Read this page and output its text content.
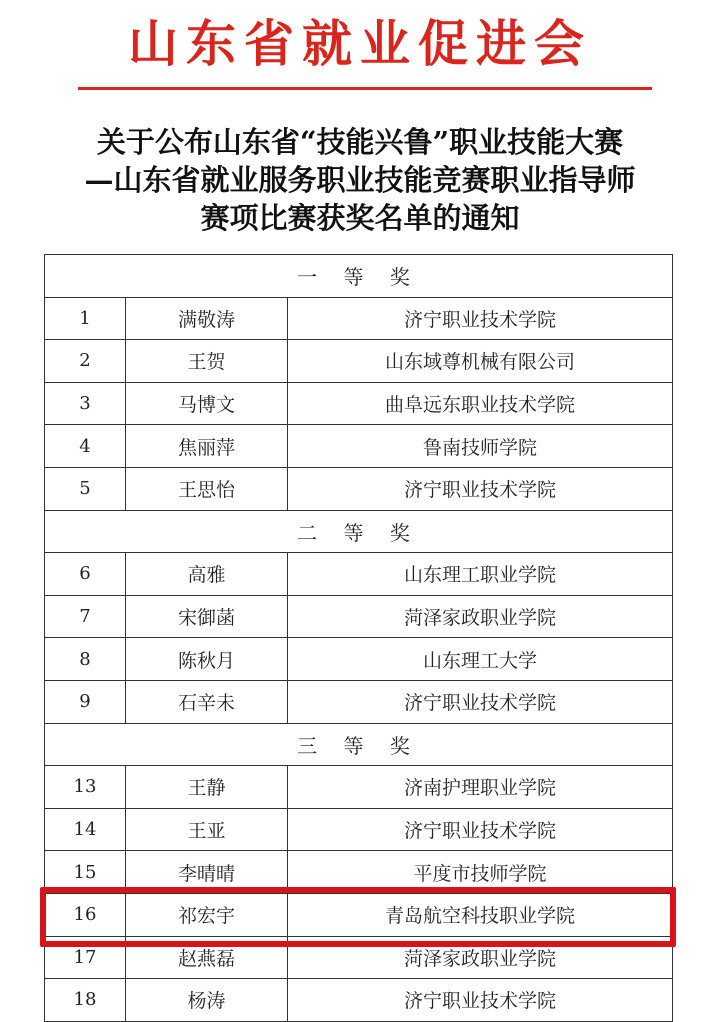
山东省就业促进会
关于公布山东省“技能兴鲁”职业技能大赛
—山东省就业服务职业技能竞赛职业指导师
赛项比赛获奖名单的通知
一 等 奖		
1	满敬涛	济宁职业技术学院
2	王贺	山东域尊机械有限公司
3	马博文	曲阜远东职业技术学院
4	焦丽萍	鲁南技师学院
5	王思怡	济宁职业技术学院
二 等 奖		
6	高雅	山东理工职业学院
7	宋御菡	菏泽家政职业学院
8	陈秋月	山东理工大学
9	石辛未	济宁职业技术学院
三 等 奖		
13	王静	济南护理职业学院
14	王亚	济宁职业技术学院
15	李晴晴	平度市技师学院
16	祁宏宇	青岛航空科技职业学院
17	赵燕磊	菏泽家政职业学院
18	杨涛	济宁职业技术学院
